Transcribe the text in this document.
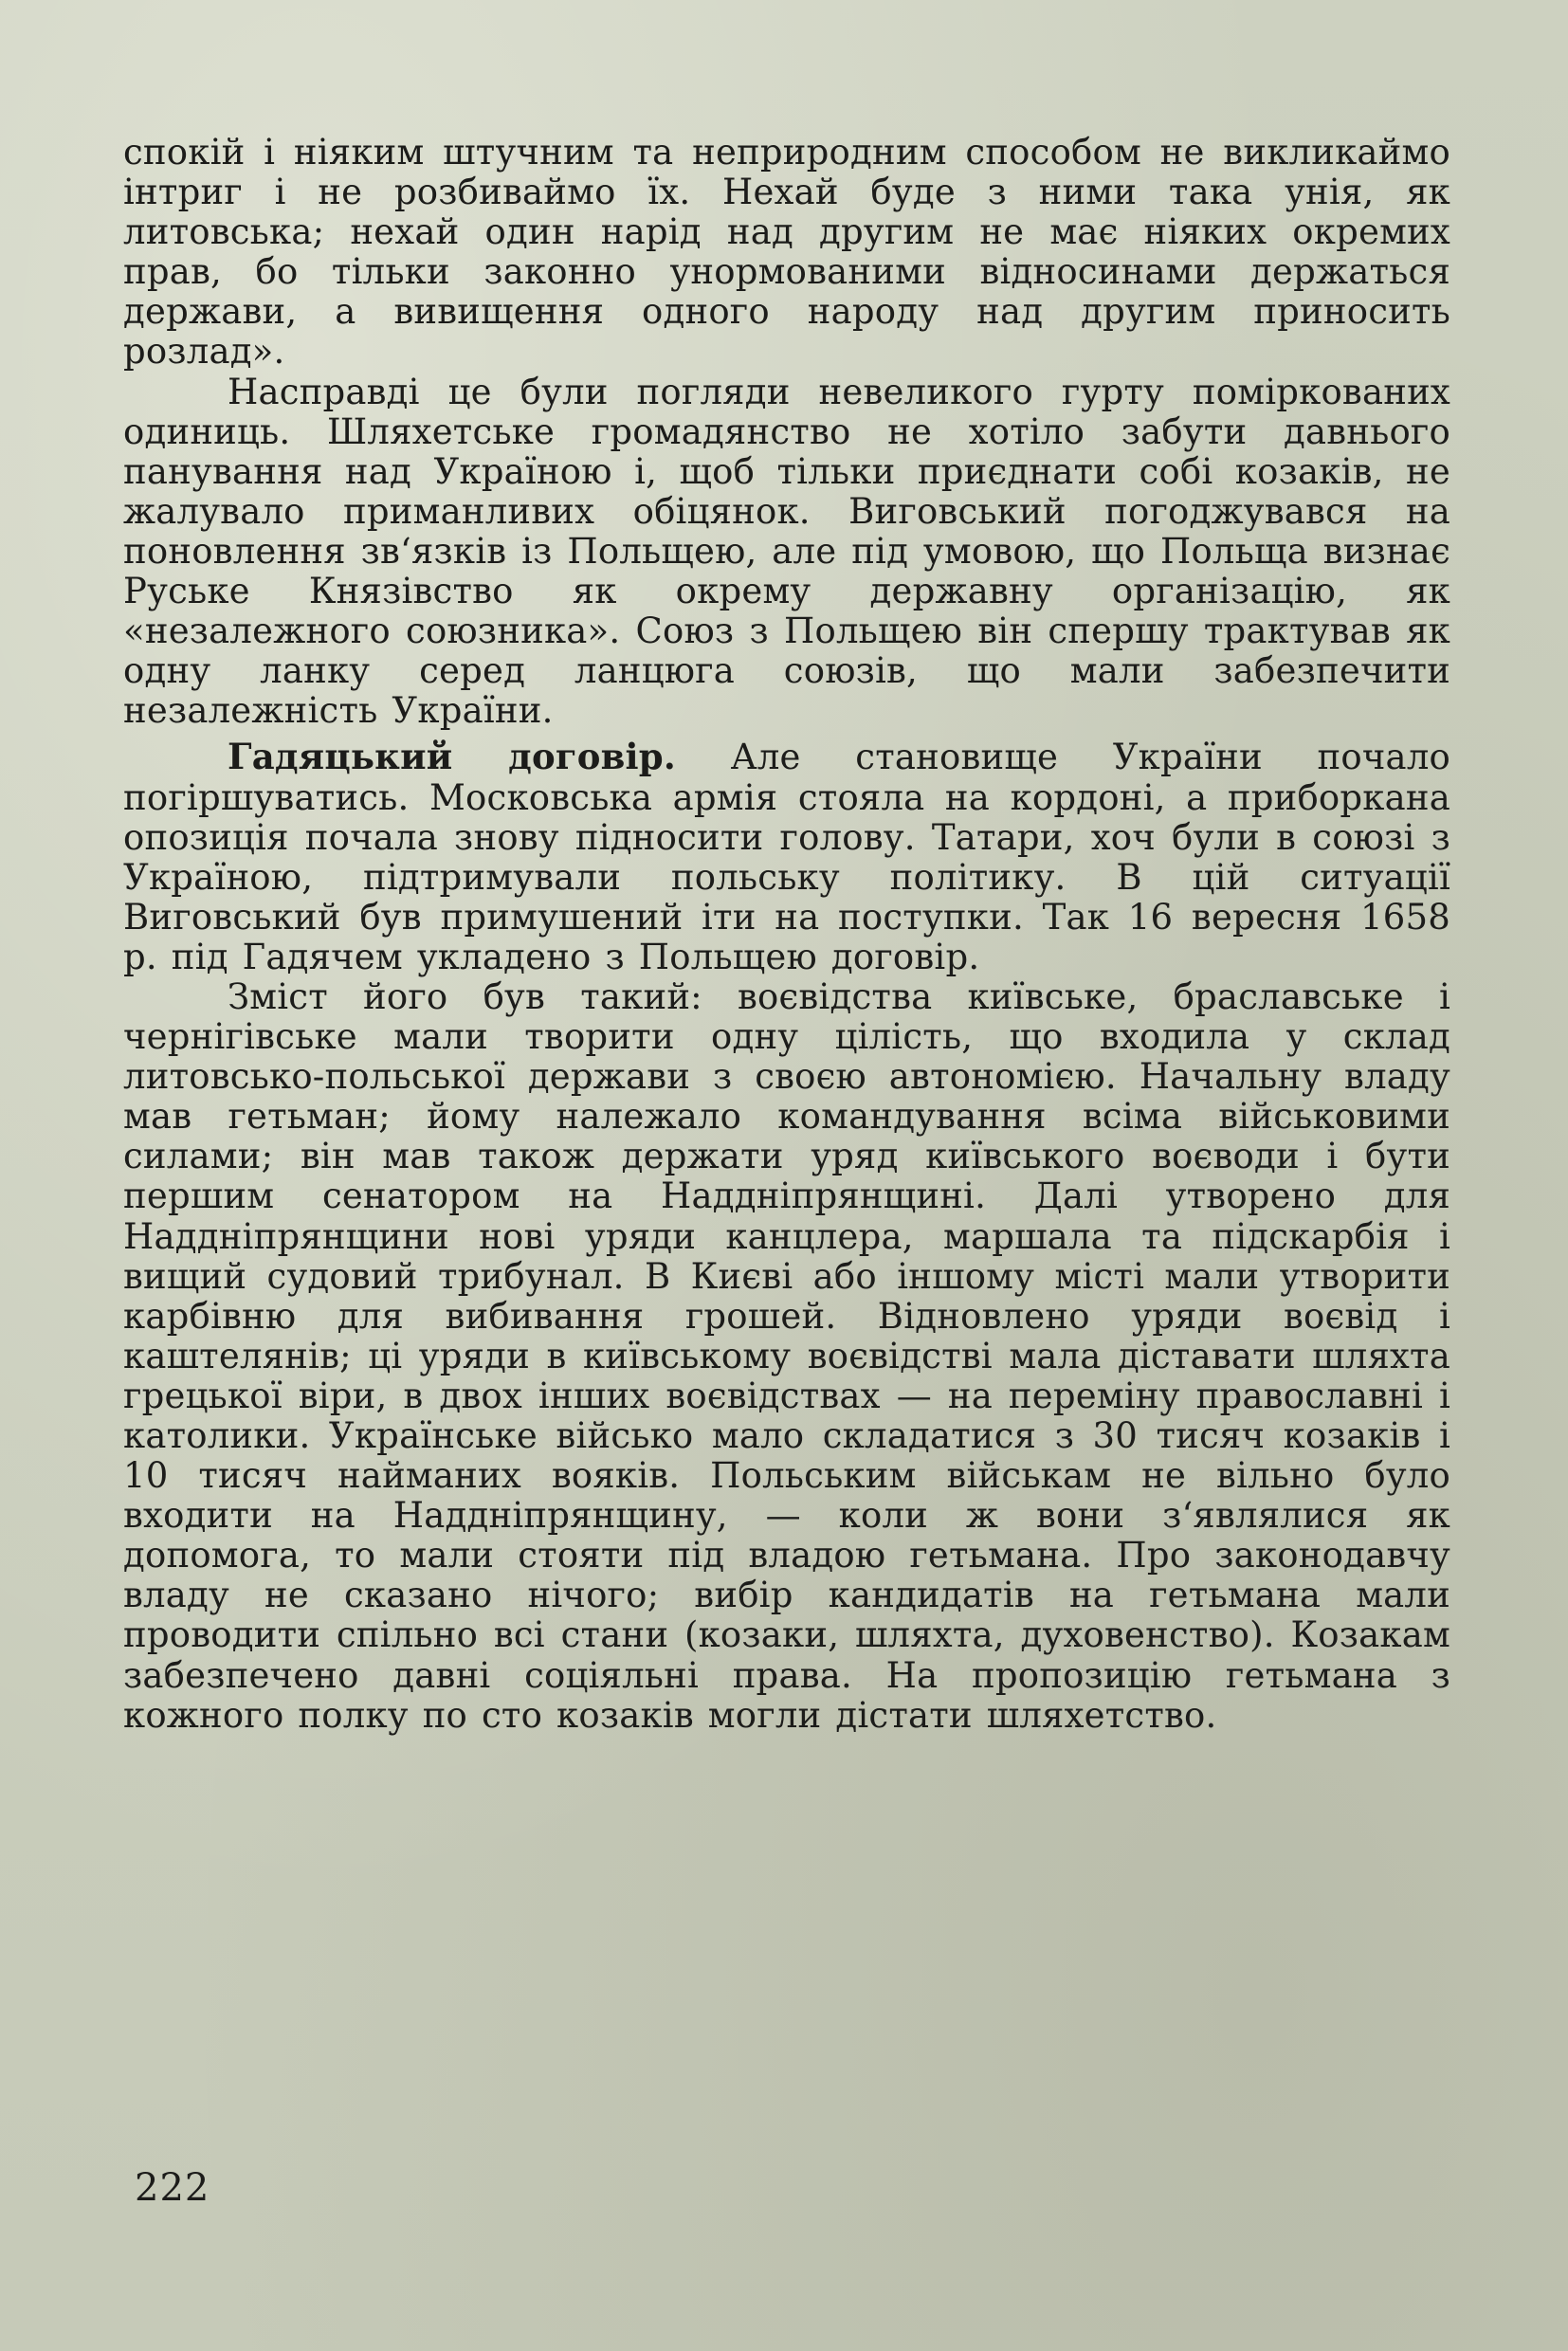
спокій і ніяким штучним та неприродним способом не викликаймо інтриг і не розбиваймо їх. Нехай буде з ними така унія, як литовська; нехай один нарід над другим не має ніяких окремих прав, бо тільки законно унормованими відносинами держаться держави, а вивищення одного народу над другим приносить розлад».

Насправді це були погляди невеликого гурту поміркованих одиниць. Шляхетське громадянство не хотіло забути давнього панування над Україною і, щоб тільки приєднати собі козаків, не жалувало приманливих обіцянок. Виговський погоджувався на поновлення зв‘язків із Польщею, але під умовою, що Польща визнає Руське Князівство як окрему державну організацію, як «незалежного союзника». Союз з Польщею він спершу трактував як одну ланку серед ланцюга союзів, що мали забезпечити незалежність України.

Гадяцький договір. Але становище України почало погіршуватись. Московська армія стояла на кордоні, а приборкана опозиція почала знову підносити голову. Татари, хоч були в союзі з Україною, підтримували польську політику. В цій ситуації Виговський був примушений іти на поступки. Так 16 вересня 1658 р. під Гадячем укладено з Польщею договір.

Зміст його був такий: воєвідства київське, браславське і чернігівське мали творити одну цілість, що входила у склад литовсько-польської держави з своєю автономією. Начальну владу мав гетьман; йому належало командування всіма військовими силами; він мав також держати уряд київського воєводи і бути першим сенатором на Наддніпрянщині. Далі утворено для Наддніпрянщини нові уряди канцлера, маршала та підскарбія і вищий судовий трибунал. В Києві або іншому місті мали утворити карбівню для вибивання грошей. Відновлено уряди воєвід і каштелянів; ці уряди в київському воєвідстві мала діставати шляхта грецької віри, в двох інших воєвідствах — на переміну православні і католики. Українське військо мало складатися з 30 тисяч козаків і 10 тисяч найманих вояків. Польським військам не вільно було входити на Наддніпрянщину, — коли ж вони з‘являлися як допомога, то мали стояти під владою гетьмана. Про законодавчу владу не сказано нічого; вибір кандидатів на гетьмана мали проводити спільно всі стани (козаки, шляхта, духовенство). Козакам забезпечено давні соціяльні права. На пропозицію гетьмана з кожного полку по сто козаків могли дістати шляхетство.

222
